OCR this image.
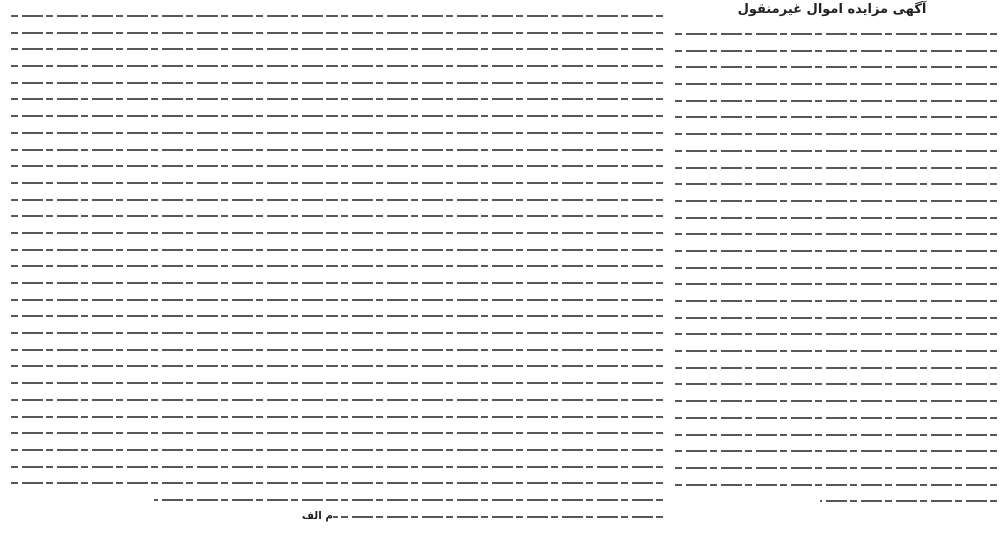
آگهی مزایده اموال غیرمنقول
م الف
